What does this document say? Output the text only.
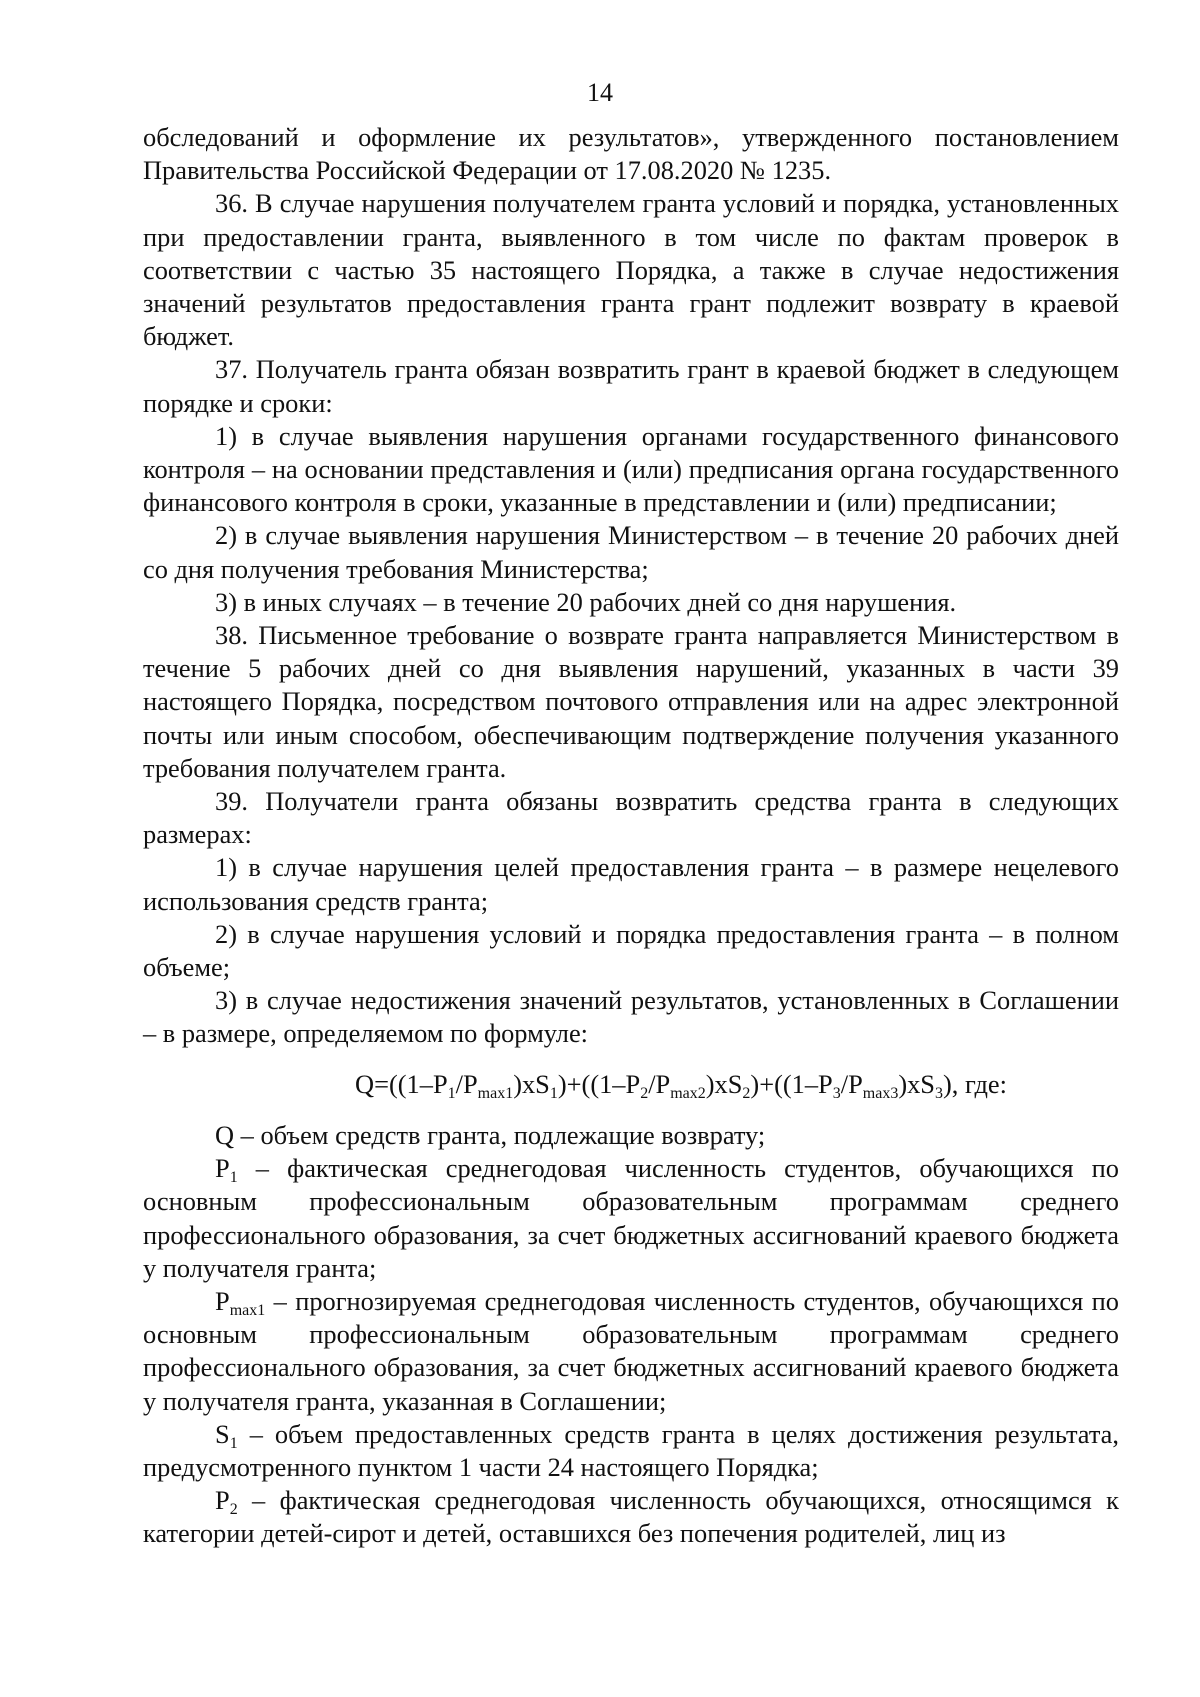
14

обследований и оформление их результатов», утвержденного постановлением Правительства Российской Федерации от 17.08.2020 № 1235.

36. В случае нарушения получателем гранта условий и порядка, установленных при предоставлении гранта, выявленного в том числе по фактам проверок в соответствии с частью 35 настоящего Порядка, а также в случае недостижения значений результатов предоставления гранта грант подлежит возврату в краевой бюджет.

37. Получатель гранта обязан возвратить грант в краевой бюджет в следующем порядке и сроки:

1) в случае выявления нарушения органами государственного финансового контроля – на основании представления и (или) предписания органа государственного финансового контроля в сроки, указанные в представлении и (или) предписании;

2) в случае выявления нарушения Министерством – в течение 20 рабочих дней со дня получения требования Министерства;

3) в иных случаях – в течение 20 рабочих дней со дня нарушения.

38. Письменное требование о возврате гранта направляется Министерством в течение 5 рабочих дней со дня выявления нарушений, указанных в части 39 настоящего Порядка, посредством почтового отправления или на адрес электронной почты или иным способом, обеспечивающим подтверждение получения указанного требования получателем гранта.

39. Получатели гранта обязаны возвратить средства гранта в следующих размерах:

1) в случае нарушения целей предоставления гранта – в размере нецелевого использования средств гранта;

2) в случае нарушения условий и порядка предоставления гранта – в полном объеме;

3) в случае недостижения значений результатов, установленных в Соглашении – в размере, определяемом по формуле:

$Q=((1-P_1/P_{max1})xS_1)+((1-P_2/P_{max2})xS_2)+((1-P_3/P_{max3})xS_3)$, где:

Q – объем средств гранта, подлежащие возврату;

$P_1$ – фактическая среднегодовая численность студентов, обучающихся по основным профессиональным образовательным программам среднего профессионального образования, за счет бюджетных ассигнований краевого бюджета у получателя гранта;

$P_{max1}$ – прогнозируемая среднегодовая численность студентов, обучающихся по основным профессиональным образовательным программам среднего профессионального образования, за счет бюджетных ассигнований краевого бюджета у получателя гранта, указанная в Соглашении;

$S_1$ – объем предоставленных средств гранта в целях достижения результата, предусмотренного пунктом 1 части 24 настоящего Порядка;

$P_2$ – фактическая среднегодовая численность обучающихся, относящимся к категории детей-сирот и детей, оставшихся без попечения родителей, лиц из
